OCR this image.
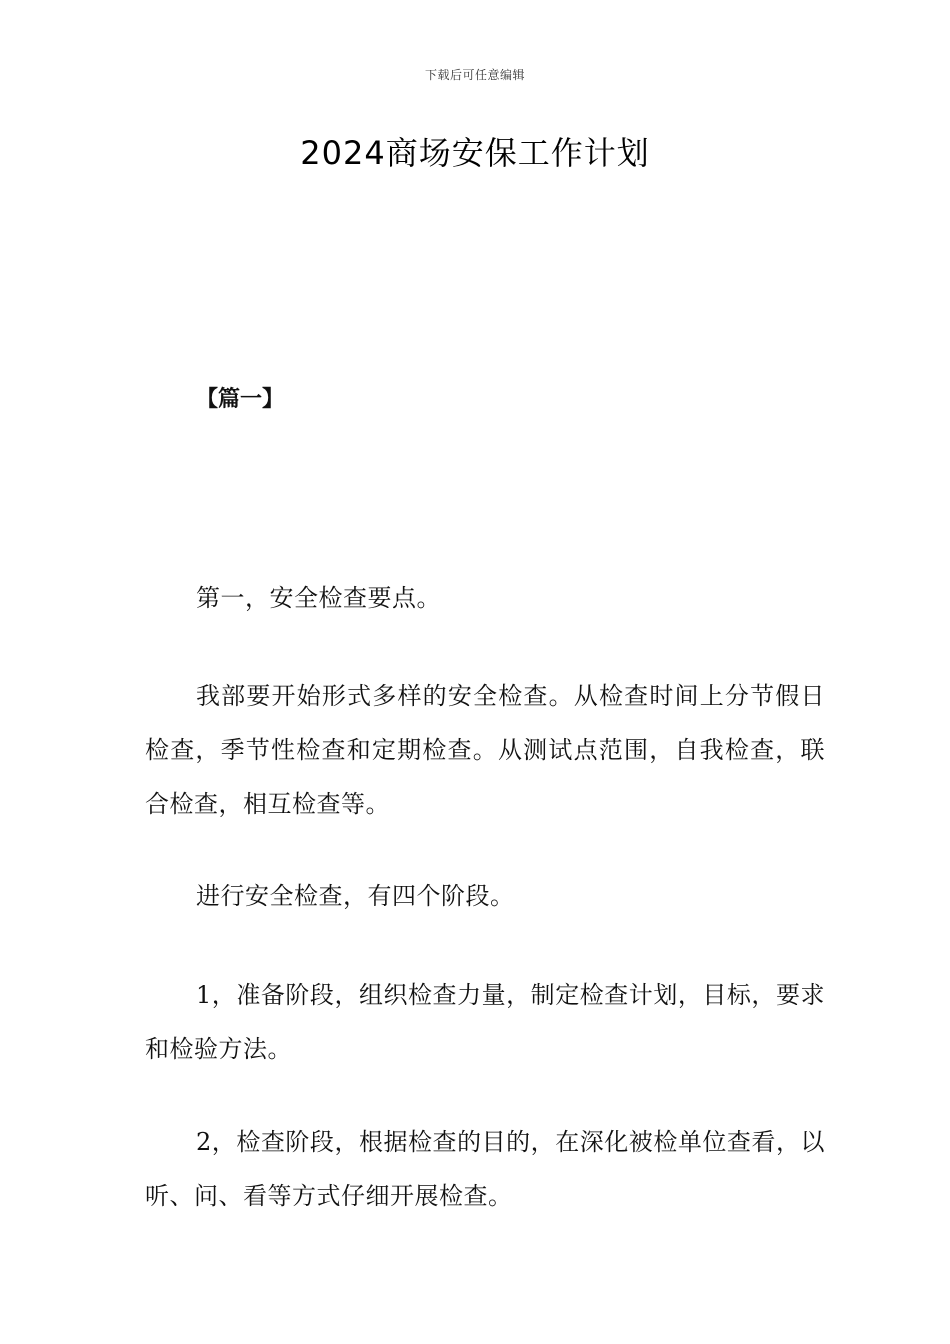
下载后可任意编辑
2024商场安保工作计划
【篇一】

第一，安全检查要点。

我部要开始形式多样的安全检查。从检查时间上分节假日检查，季节性检查和定期检查。从测试点范围，自我检查，联合检查，相互检查等。

进行安全检查，有四个阶段。

1，准备阶段，组织检查力量，制定检查计划，目标，要求和检验方法。

2，检查阶段，根据检查的目的，在深化被检单位查看，以听、问、看等方式仔细开展检查。
